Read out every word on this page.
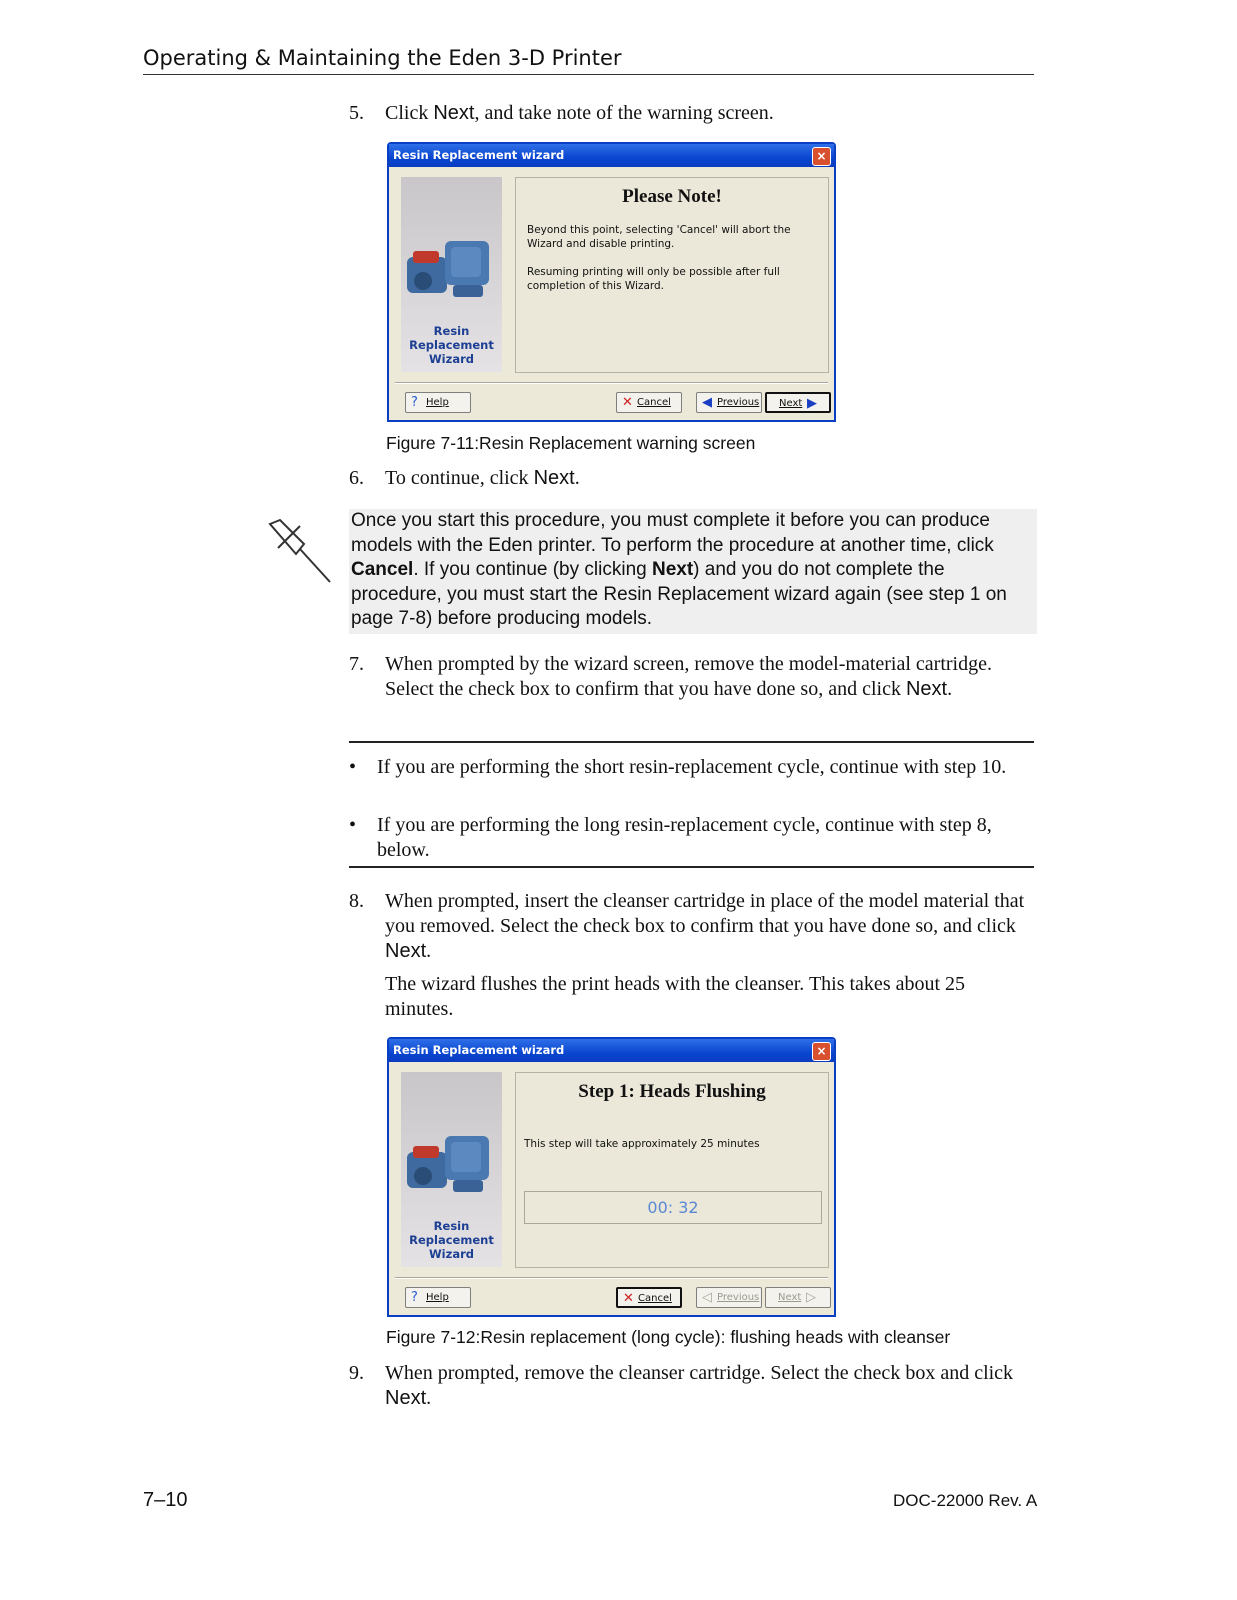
Operating & Maintaining the Eden 3-D Printer
5. Click Next, and take note of the warning screen.
Resin Replacement wizard	×
Resin
Replacement
Wizard
Please Note!
Beyond this point, selecting 'Cancel' will abort the Wizard and disable printing.
Resuming printing will only be possible after full completion of this Wizard.
? Help	✕ Cancel	◀ Previous	Next ▶
Figure 7-11:Resin Replacement warning screen
6. To continue, click Next.

Once you start this procedure, you must complete it before you can produce models with the Eden printer. To perform the procedure at another time, click Cancel. If you continue (by clicking Next) and you do not complete the procedure, you must start the Resin Replacement wizard again (see step 1 on page 7-8) before producing models.

7. When prompted by the wizard screen, remove the model-material cartridge. Select the check box to confirm that you have done so, and click Next.
• If you are performing the short resin-replacement cycle, continue with step 10.
• If you are performing the long resin-replacement cycle, continue with step 8, below.
8. When prompted, insert the cleanser cartridge in place of the model material that you removed. Select the check box to confirm that you have done so, and click Next.
The wizard flushes the print heads with the cleanser. This takes about 25 minutes.
Resin Replacement wizard	×
Resin
Replacement
Wizard
Step 1: Heads Flushing
This step will take approximately 25 minutes
00: 32
? Help	✕ Cancel	◁ Previous	Next ▷
Figure 7-12:Resin replacement (long cycle): flushing heads with cleanser
9. When prompted, remove the cleanser cartridge. Select the check box and click Next.
7–10	DOC-22000 Rev. A
